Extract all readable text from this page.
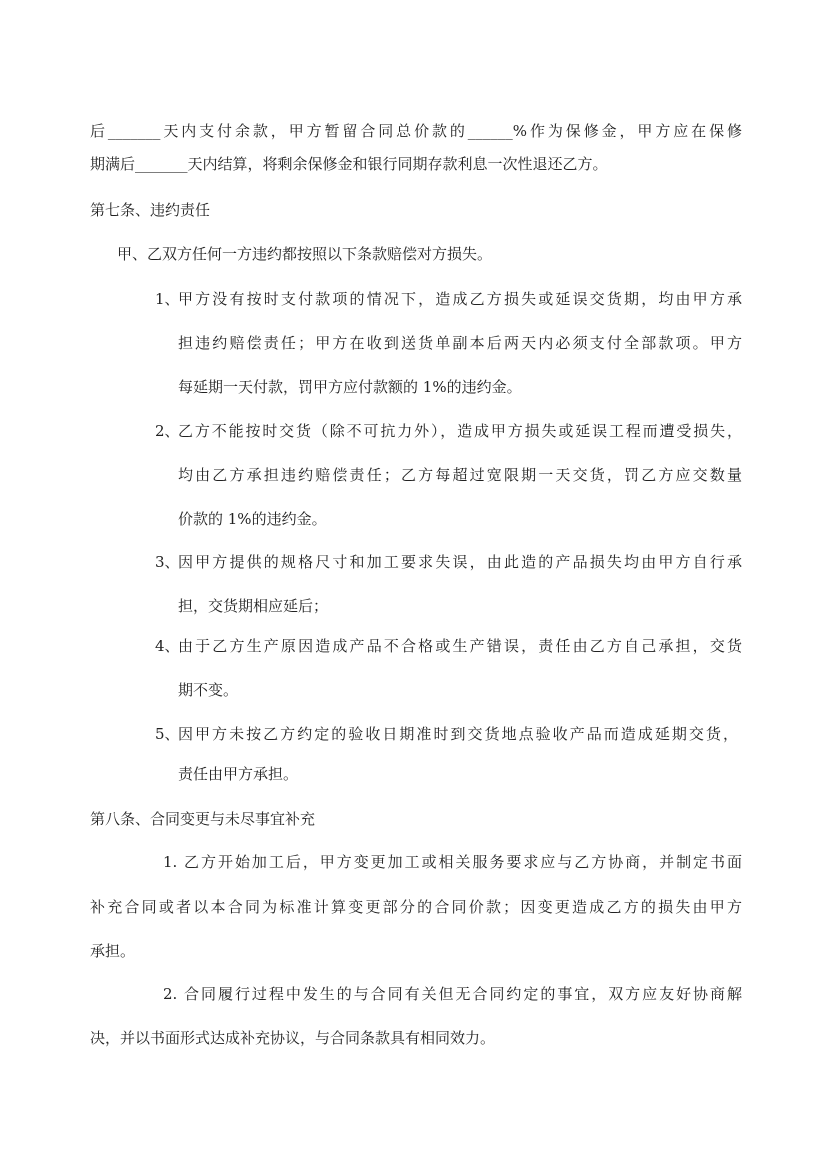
后_______天内支付余款，甲方暂留合同总价款的______%作为保修金，甲方应在保修
期满后_______天内结算，将剩余保修金和银行同期存款利息一次性退还乙方。
第七条、违约责任
甲、乙双方任何一方违约都按照以下条款赔偿对方损失。
1、
甲方没有按时支付款项的情况下，造成乙方损失或延误交货期，均由甲方承
担违约赔偿责任；甲方在收到送货单副本后两天内必须支付全部款项。甲方
每延期一天付款，罚甲方应付款额的 1%的违约金。
2、
乙方不能按时交货（除不可抗力外），造成甲方损失或延误工程而遭受损失，
均由乙方承担违约赔偿责任；乙方每超过宽限期一天交货，罚乙方应交数量
价款的 1%的违约金。
3、
因甲方提供的规格尺寸和加工要求失误，由此造的产品损失均由甲方自行承
担，交货期相应延后；
4、
由于乙方生产原因造成产品不合格或生产错误，责任由乙方自己承担，交货
期不变。
5、
因甲方未按乙方约定的验收日期准时到交货地点验收产品而造成延期交货，
责任由甲方承担。
第八条、合同变更与未尽事宜补充
1. 乙方开始加工后，甲方变更加工或相关服务要求应与乙方协商，并制定书面
补充合同或者以本合同为标准计算变更部分的合同价款；因变更造成乙方的损失由甲方
承担。
2. 合同履行过程中发生的与合同有关但无合同约定的事宜，双方应友好协商解
决，并以书面形式达成补充协议，与合同条款具有相同效力。
